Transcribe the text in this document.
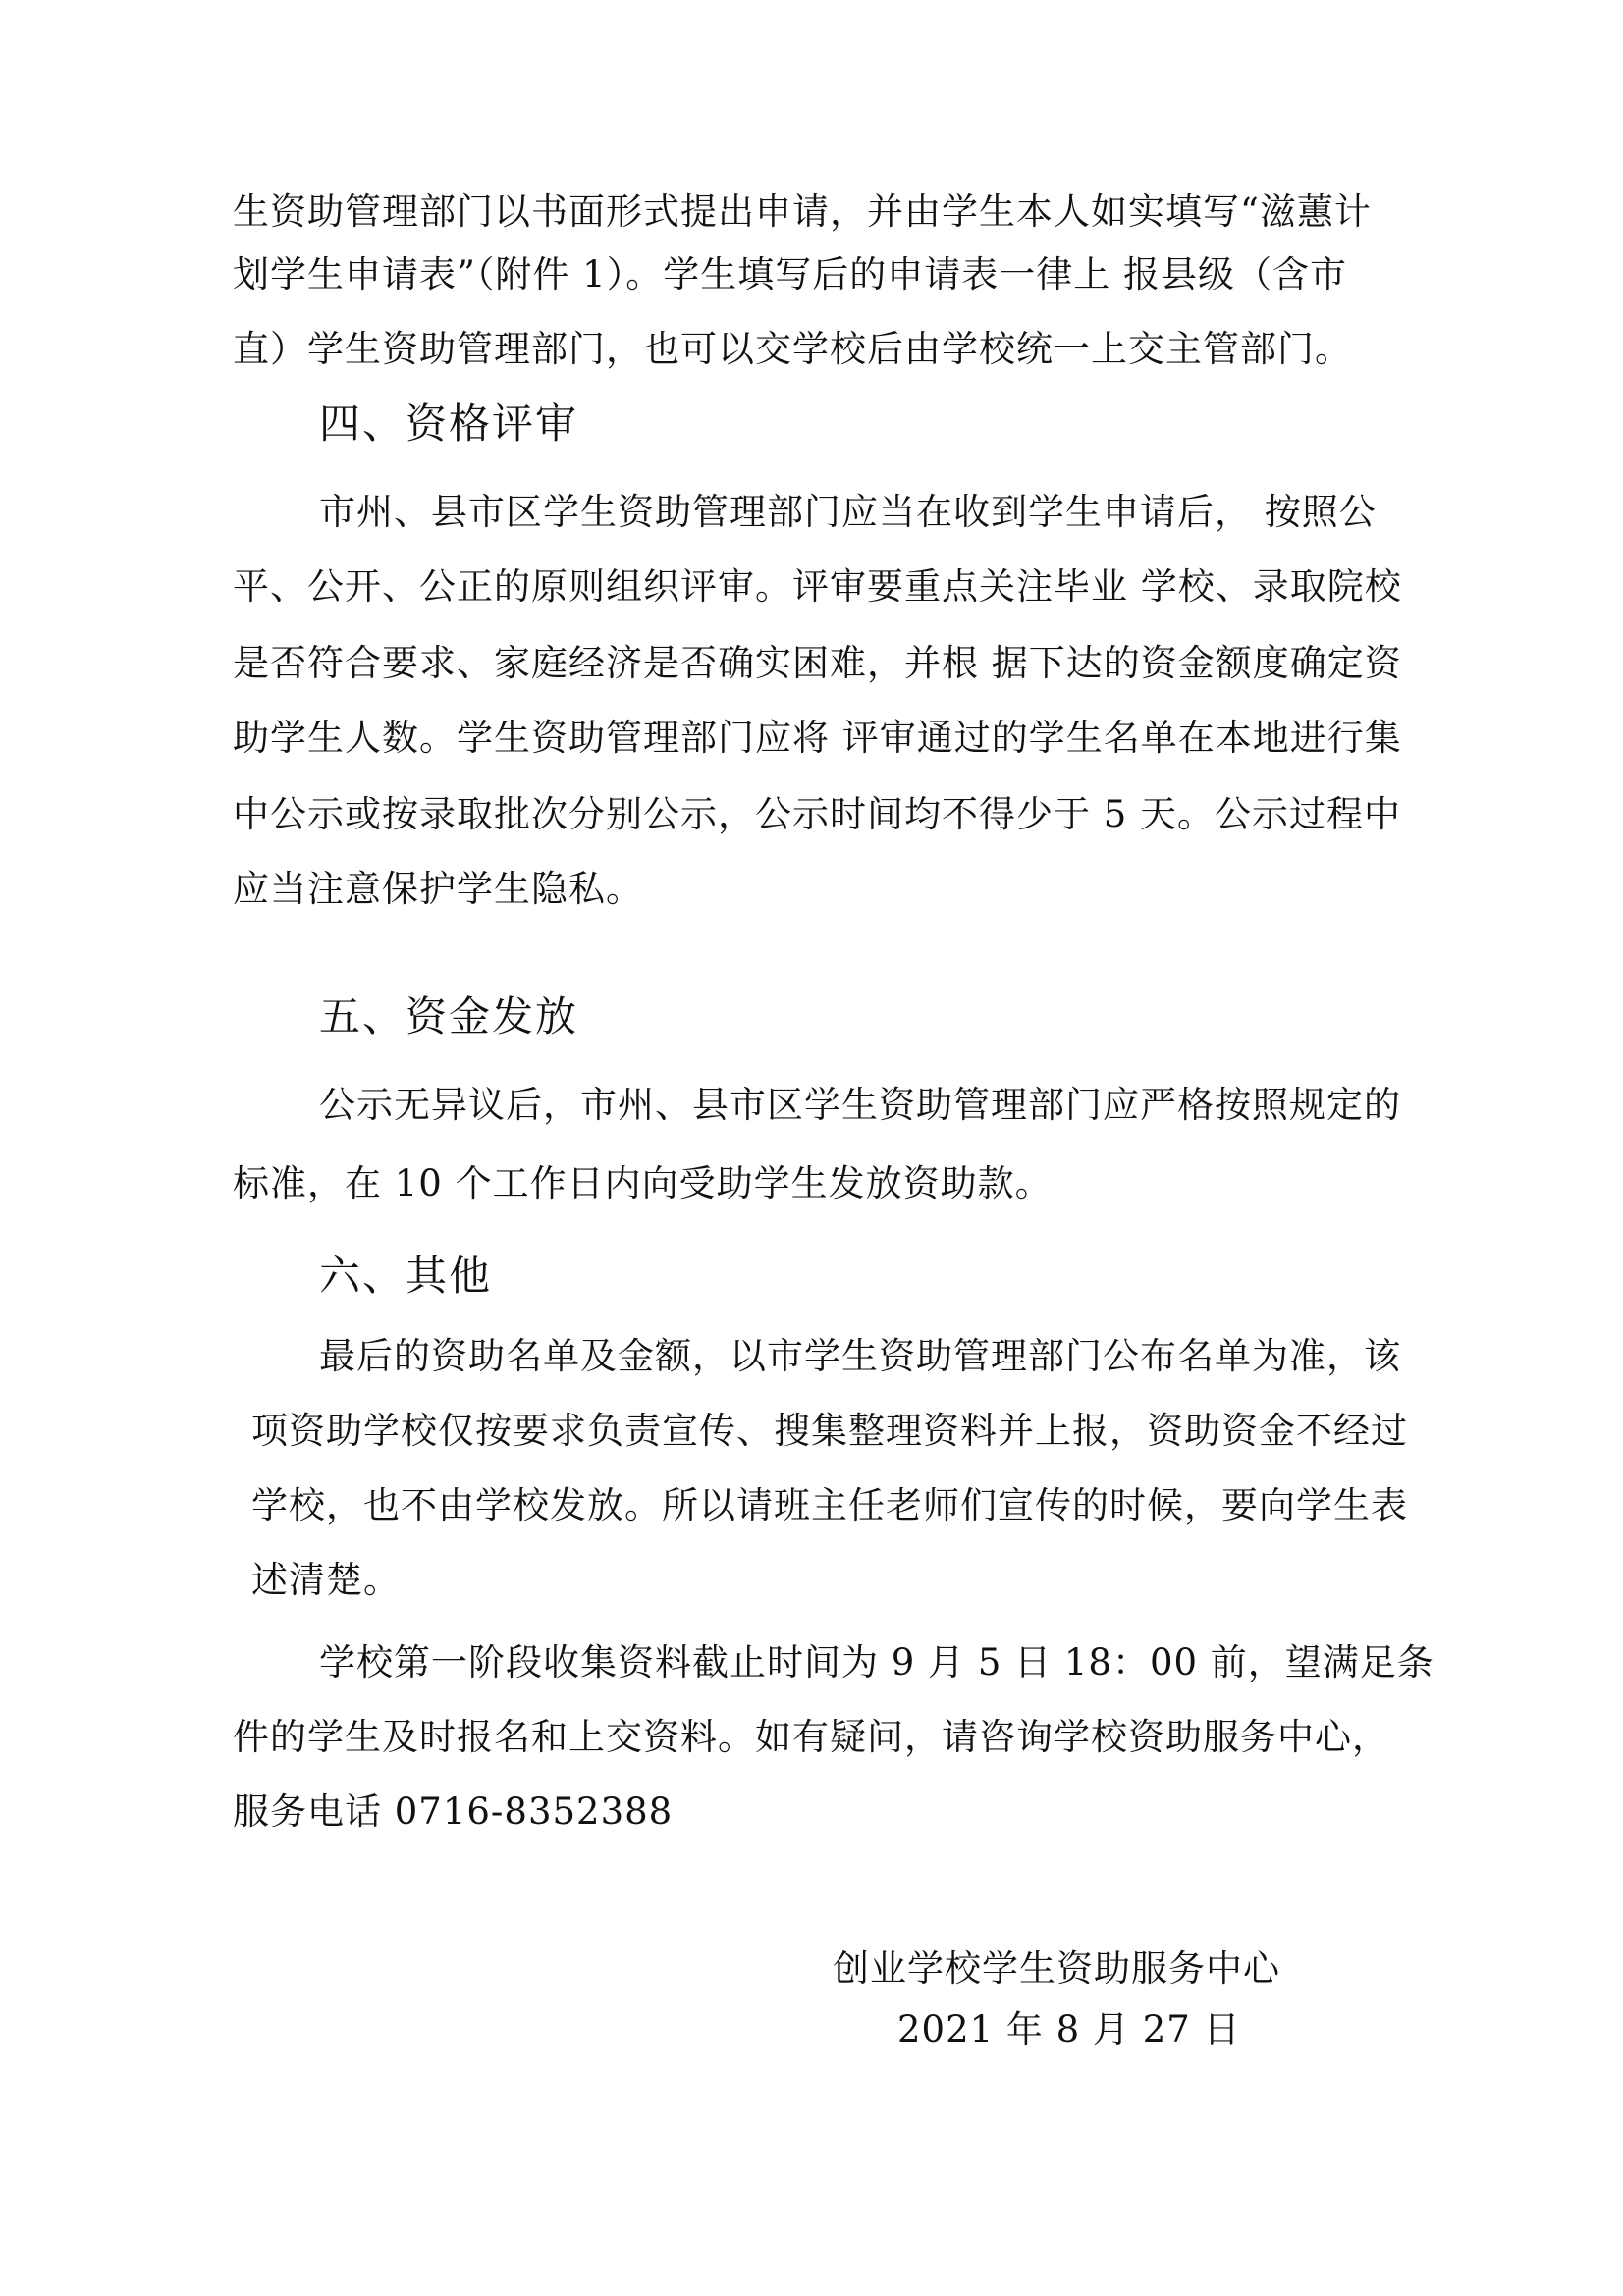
生资助管理部门以书面形式提出申请，并由学生本人如实填写“滋蕙计
划学生申请表”（附件 1）。学生填写后的申请表一律上 报县级（含市
直）学生资助管理部门，也可以交学校后由学校统一上交主管部门。
四、资格评审
市州、县市区学生资助管理部门应当在收到学生申请后， 按照公
平、公开、公正的原则组织评审。评审要重点关注毕业 学校、录取院校
是否符合要求、家庭经济是否确实困难，并根 据下达的资金额度确定资
助学生人数。学生资助管理部门应将 评审通过的学生名单在本地进行集
中公示或按录取批次分别公示，公示时间均不得少于 5 天。公示过程中
应当注意保护学生隐私。
五、资金发放
公示无异议后，市州、县市区学生资助管理部门应严格按照规定的
标准，在 10 个工作日内向受助学生发放资助款。
六、其他
最后的资助名单及金额，以市学生资助管理部门公布名单为准，该
项资助学校仅按要求负责宣传、搜集整理资料并上报，资助资金不经过
学校，也不由学校发放。所以请班主任老师们宣传的时候，要向学生表
述清楚。
学校第一阶段收集资料截止时间为 9 月 5 日 18：00 前，望满足条
件的学生及时报名和上交资料。如有疑问，请咨询学校资助服务中心，
服务电话 0716-8352388
创业学校学生资助服务中心
2021 年 8 月 27 日
